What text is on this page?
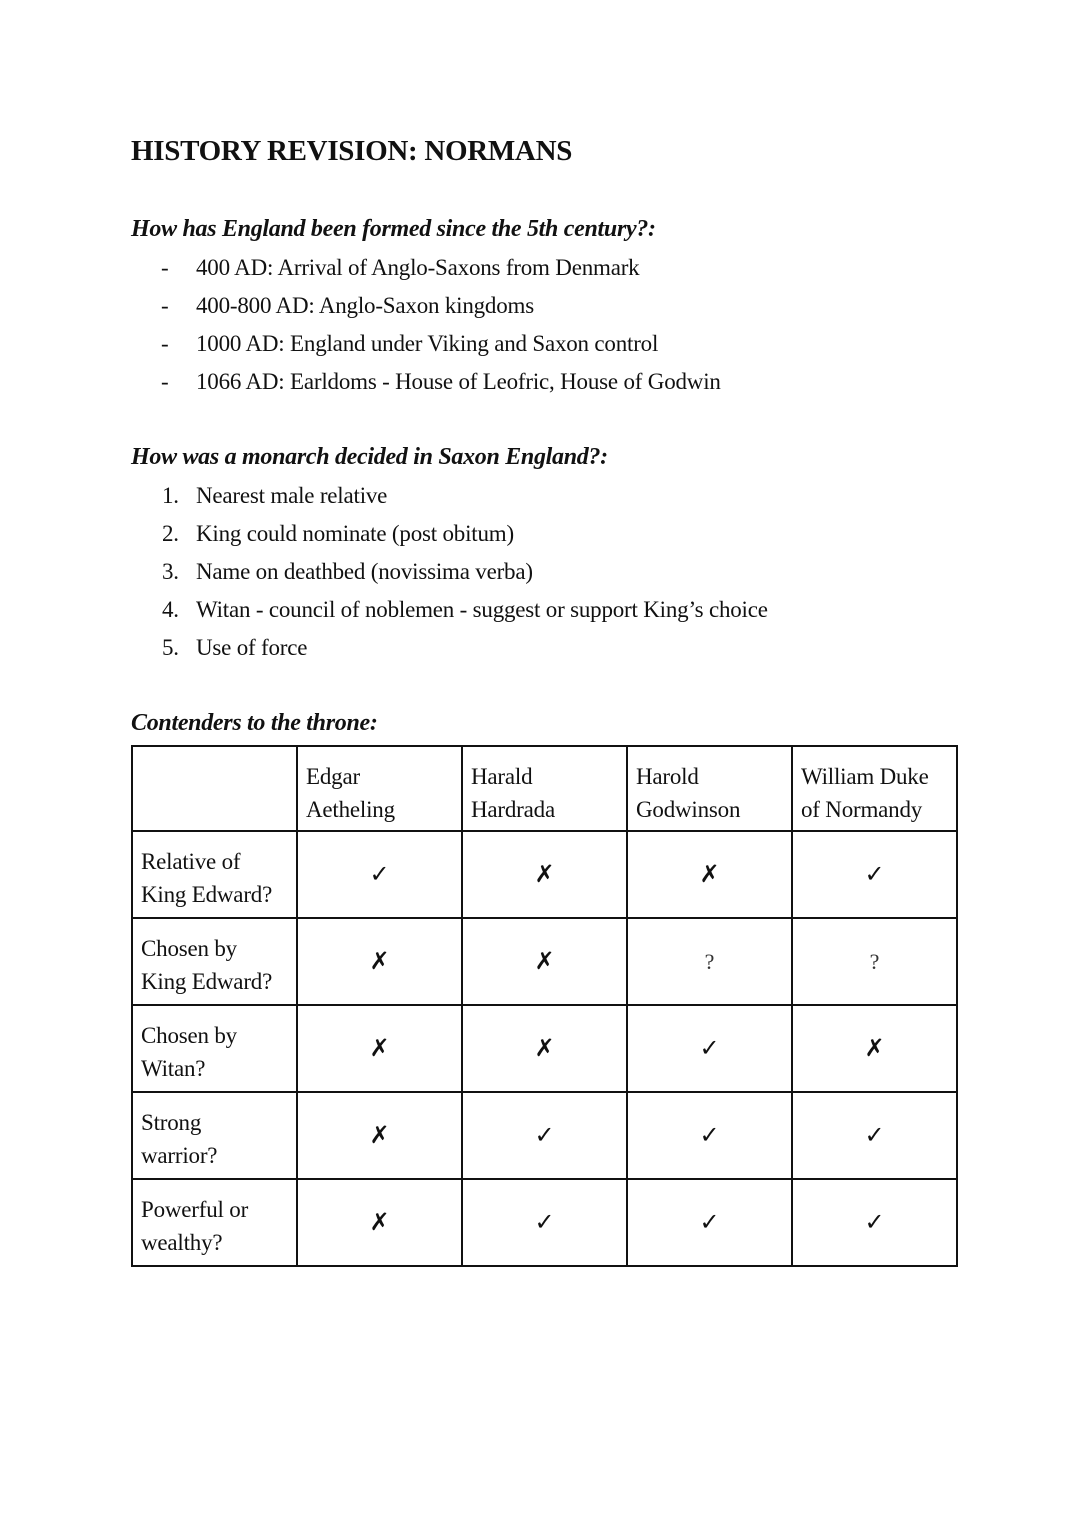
HISTORY REVISION: NORMANS
How has England been formed since the 5th century?:
-	400 AD: Arrival of Anglo-Saxons from Denmark
-	400-800 AD: Anglo-Saxon kingdoms
-	1000 AD: England under Viking and Saxon control
-	1066 AD: Earldoms - House of Leofric, House of Godwin
How was a monarch decided in Saxon England?:
1. Nearest male relative
2. King could nominate (post obitum)
3. Name on deathbed (novissima verba)
4. Witan - council of noblemen - suggest or support King’s choice
5. Use of force
Contenders to the throne:

	Edgar
Aetheling	Harald
Hardrada	Harold
Godwinson	William Duke
of Normandy

Relative of
King Edward?	✓	✗	✗	✓

Chosen by
King Edward?	✗	✗	?	?

Chosen by
Witan?	✗	✗	✓	✗

Strong
warrior?	✗	✓	✓	✓

Powerful or
wealthy?	✗	✓	✓	✓
